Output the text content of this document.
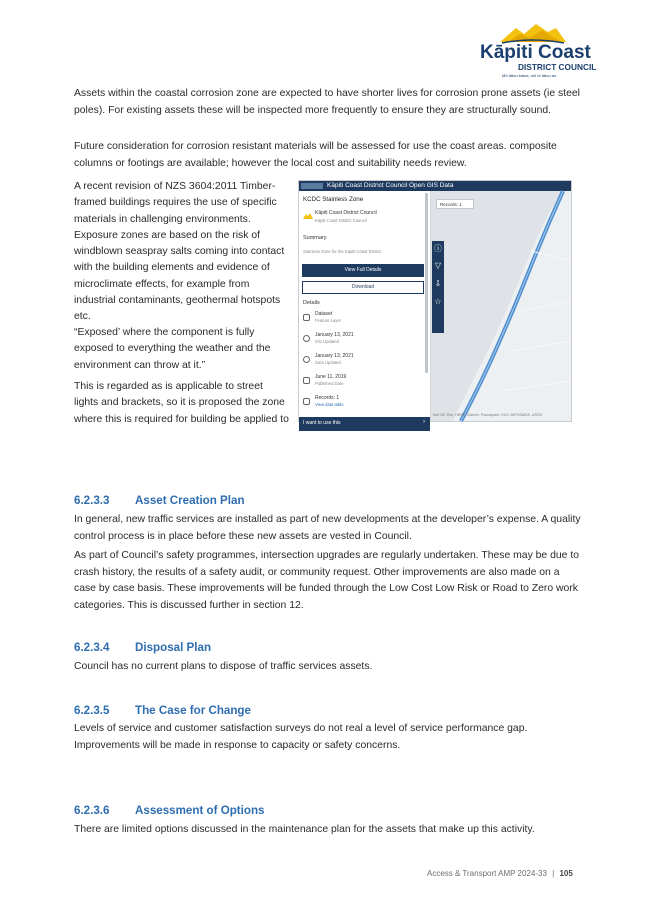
Kāpiti Coast
DISTRICT COUNCIL
Mō tātou katoa, mō tō tātou ao

Assets within the coastal corrosion zone are expected to have shorter lives for corrosion prone assets (ie steel poles). For existing assets these will be inspected more frequently to ensure they are structurally sound.

Future consideration for corrosion resistant materials will be assessed for use the coast areas. composite columns or footings are available; however the local cost and suitability needs review.

A recent revision of NZS 3604:2011 Timber-framed buildings requires the use of specific materials in challenging environments. Exposure zones are based on the risk of windblown seaspray salts coming into contact with the building elements and evidence of microclimate effects, for example from industrial contaminants, geothermal hotspots etc.

“Exposed’ where the component is fully exposed to everything the weather and the environment can throw at it.”

This is regarded as is applicable to street lights and brackets, so it is proposed the zone where this is required for building be applied to

Kāpiti Coast District Council Open GIS Data
KCDC Stainless Zone
Kāpiti Coast District Council
Kāpiti Coast District Council
Summary
Stainless Zone for the Kāpiti Coast District
View Full Details
Download
Details
Dataset
Feature Layer
January 13, 2021
Info Updated
January 13, 2021
Data Updated
June 11, 2019
Published Date
Records: 1
View data table
I want to use this	›
Records: 1
ⓘ
▽
⇩
☆
Esri NZ, Esri, HERE, Garmin, Foursquare, FAO, METI/NASA, USGS
6.2.3.3 Asset Creation Plan

In general, new traffic services are installed as part of new developments at the developer’s expense. A quality control process is in place before these new assets are vested in Council.

As part of Council’s safety programmes, intersection upgrades are regularly undertaken. These may be due to crash history, the results of a safety audit, or community request. Other improvements are also made on a case by case basis. These improvements will be funded through the Low Cost Low Risk or Road to Zero work categories. This is discussed further in section 12.

6.2.3.4 Disposal Plan

Council has no current plans to dispose of traffic services assets.

6.2.3.5 The Case for Change

Levels of service and customer satisfaction surveys do not real a level of service performance gap. Improvements will be made in response to capacity or safety concerns.

6.2.3.6 Assessment of Options

There are limited options discussed in the maintenance plan for the assets that make up this activity.

Access & Transport AMP 2024-33 | 105
